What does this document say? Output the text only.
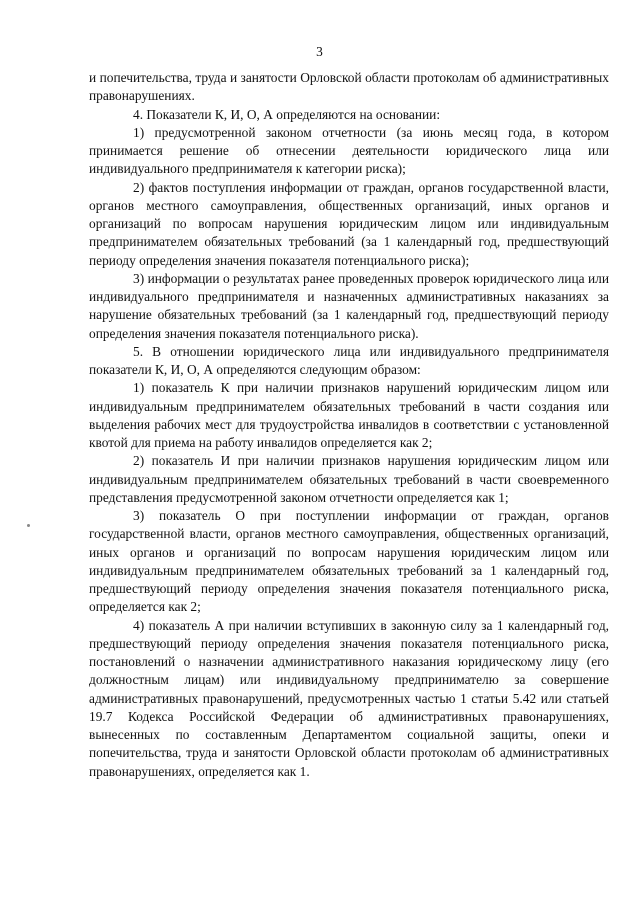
3

и попечительства, труда и занятости Орловской области протоколам об административных правонарушениях.

4. Показатели К, И, О, А определяются на основании:

1) предусмотренной законом отчетности (за июнь месяц года, в котором принимается решение об отнесении деятельности юридического лица или индивидуального предпринимателя к категории риска);

2) фактов поступления информации от граждан, органов государственной власти, органов местного самоуправления, общественных организаций, иных органов и организаций по вопросам нарушения юридическим лицом или индивидуальным предпринимателем обязательных требований (за 1 календарный год, предшествующий периоду определения значения показателя потенциального риска);

3) информации о результатах ранее проведенных проверок юридического лица или индивидуального предпринимателя и назначенных административных наказаниях за нарушение обязательных требований (за 1 календарный год, предшествующий периоду определения значения показателя потенциального риска).

5. В отношении юридического лица или индивидуального предпринимателя показатели К, И, О, А определяются следующим образом:

1) показатель К при наличии признаков нарушений юридическим лицом или индивидуальным предпринимателем обязательных требований в части создания или выделения рабочих мест для трудоустройства инвалидов в соответствии с установленной квотой для приема на работу инвалидов определяется как 2;

2) показатель И при наличии признаков нарушения юридическим лицом или индивидуальным предпринимателем обязательных требований в части своевременного представления предусмотренной законом отчетности определяется как 1;

3) показатель О при поступлении информации от граждан, органов государственной власти, органов местного самоуправления, общественных организаций, иных органов и организаций по вопросам нарушения юридическим лицом или индивидуальным предпринимателем обязательных требований за 1 календарный год, предшествующий периоду определения значения показателя потенциального риска, определяется как 2;

4) показатель А при наличии вступивших в законную силу за 1 календарный год, предшествующий периоду определения значения показателя потенциального риска, постановлений о назначении административного наказания юридическому лицу (его должностным лицам) или индивидуальному предпринимателю за совершение административных правонарушений, предусмотренных частью 1 статьи 5.42 или статьей 19.7 Кодекса Российской Федерации об административных правонарушениях, вынесенных по составленным Департаментом социальной защиты, опеки и попечительства, труда и занятости Орловской области протоколам об административных правонарушениях, определяется как 1.
